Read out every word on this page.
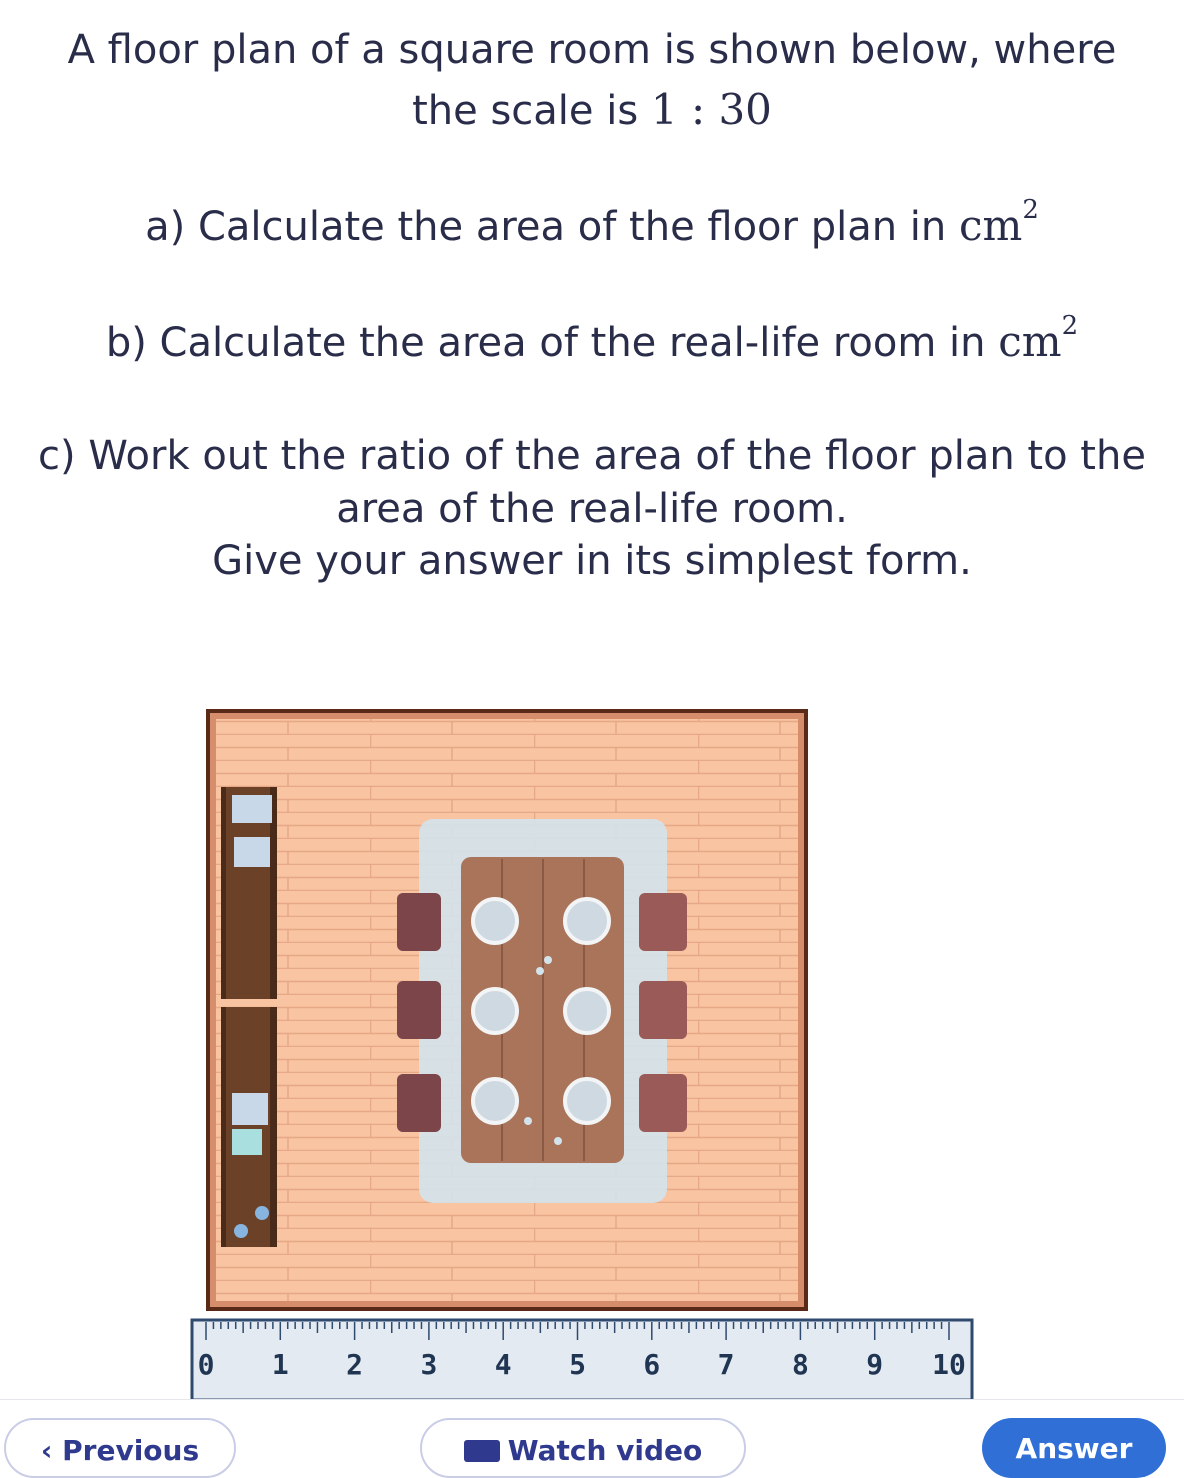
A floor plan of a square room is shown below, where

the scale is 1 : 30

a) Calculate the area of the floor plan in $cm^2$

b) Calculate the area of the real-life room in $cm^2$

c) Work out the ratio of the area of the floor plan to the

area of the real-life room.

Give your answer in its simplest form.

0 1 2 3 4 5 6 7 8 9 10
‹ Previous	Watch video	Answer
